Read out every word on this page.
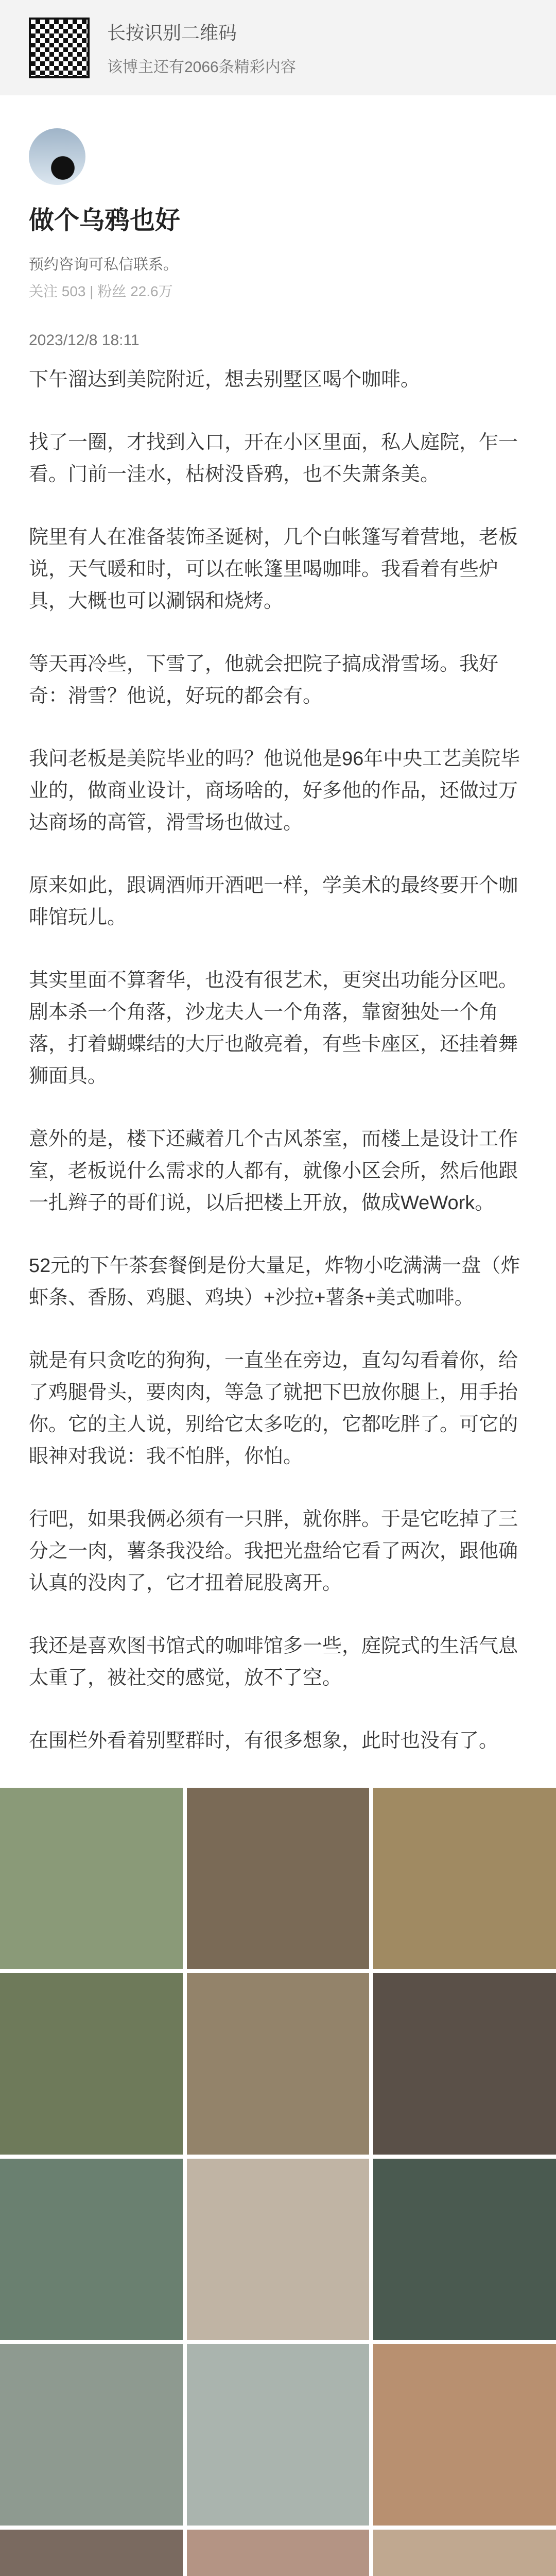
长按识别二维码
该博主还有2066条精彩内容
做个乌鸦也好
预约咨询可私信联系。
关注 503 | 粉丝 22.6万
2023/12/8 18:11

下午溜达到美院附近，想去别墅区喝个咖啡。

找了一圈，才找到入口，开在小区里面，私人庭院，乍一看。门前一洼水，枯树没昏鸦，也不失萧条美。

院里有人在准备装饰圣诞树，几个白帐篷写着营地，老板说，天气暖和时，可以在帐篷里喝咖啡。我看着有些炉具，大概也可以涮锅和烧烤。

等天再冷些，下雪了，他就会把院子搞成滑雪场。我好奇：滑雪？他说，好玩的都会有。

我问老板是美院毕业的吗？他说他是96年中央工艺美院毕业的，做商业设计，商场啥的，好多他的作品，还做过万达商场的高管，滑雪场也做过。

原来如此，跟调酒师开酒吧一样，学美术的最终要开个咖啡馆玩儿。

其实里面不算奢华，也没有很艺术，更突出功能分区吧。剧本杀一个角落，沙龙夫人一个角落，靠窗独处一个角落，打着蝴蝶结的大厅也敞亮着，有些卡座区，还挂着舞狮面具。

意外的是，楼下还藏着几个古风茶室，而楼上是设计工作室，老板说什么需求的人都有，就像小区会所，然后他跟一扎辫子的哥们说，以后把楼上开放，做成WeWork。

52元的下午茶套餐倒是份大量足，炸物小吃满满一盘（炸虾条、香肠、鸡腿、鸡块）+沙拉+薯条+美式咖啡。

就是有只贪吃的狗狗，一直坐在旁边，直勾勾看着你，给了鸡腿骨头，要肉肉，等急了就把下巴放你腿上，用手抬你。它的主人说，别给它太多吃的，它都吃胖了。可它的眼神对我说：我不怕胖，你怕。

行吧，如果我俩必须有一只胖，就你胖。于是它吃掉了三分之一肉，薯条我没给。我把光盘给它看了两次，跟他确认真的没肉了，它才扭着屁股离开。

我还是喜欢图书馆式的咖啡馆多一些，庭院式的生活气息太重了，被社交的感觉，放不了空。

在围栏外看着别墅群时，有很多想象，此时也没有了。
